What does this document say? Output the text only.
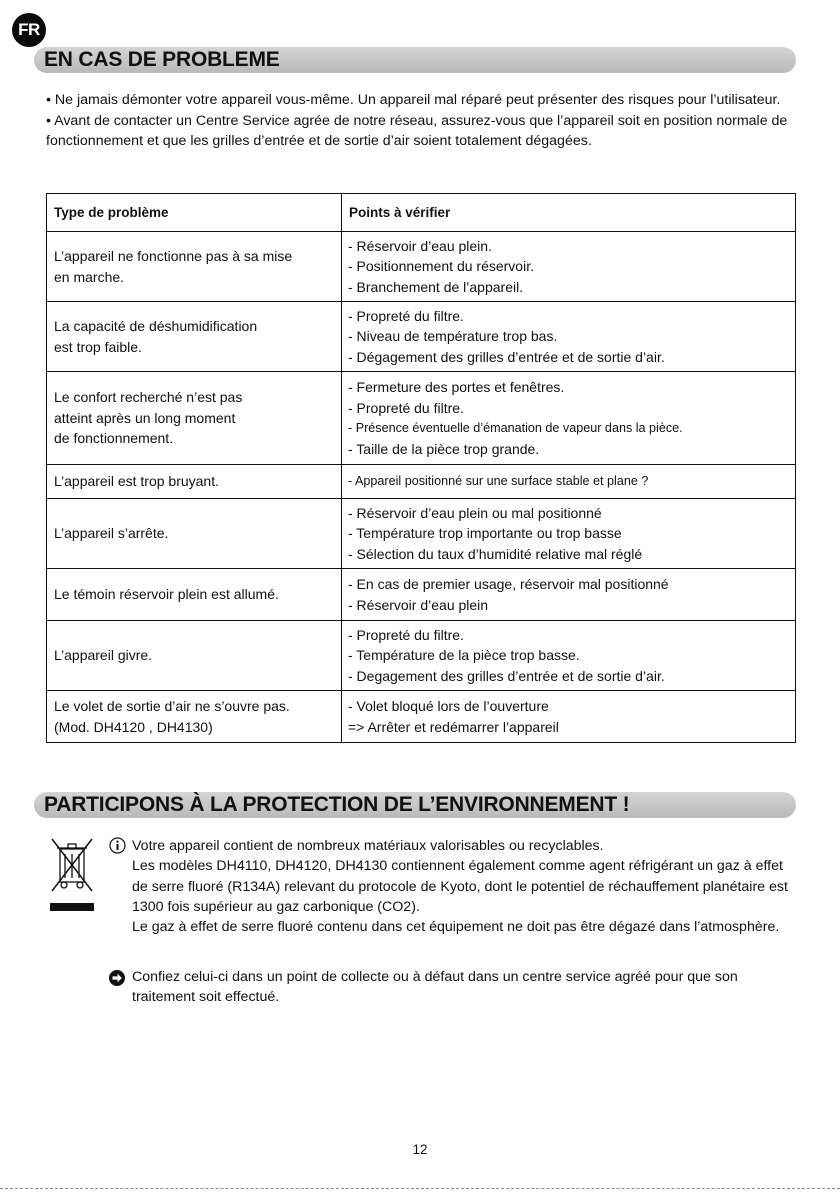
FR
EN CAS DE PROBLEME

• Ne jamais démonter votre appareil vous-même. Un appareil mal réparé peut présenter des risques pour l’utilisateur.

• Avant de contacter un Centre Service agrée de notre réseau, assurez-vous que l’appareil soit en position normale de fonctionnement et que les grilles d’entrée et de sortie d’air soient totalement dégagées.

Type de problème	Points à vérifier

L’appareil ne fonctionne pas à sa mise
en marche.	- Réservoir d’eau plein.
- Positionnement du réservoir.
- Branchement de l’appareil.

La capacité de déshumidification
est trop faible.	- Propreté du filtre.
- Niveau de température trop bas.
- Dégagement des grilles d’entrée et de sortie d’air.

Le confort recherché n’est pas
atteint après un long moment
de fonctionnement.	- Fermeture des portes et fenêtres.
- Propreté du filtre.
- Présence éventuelle d’émanation de vapeur dans la pièce.
- Taille de la pièce trop grande.

L’appareil est trop bruyant.	- Appareil positionné sur une surface stable et plane ?

L’appareil s’arrête.	- Réservoir d’eau plein ou mal positionné
- Température trop importante ou trop basse
- Sélection du taux d’humidité relative mal réglé

Le témoin réservoir plein est allumé.	- En cas de premier usage, réservoir mal positionné
- Réservoir d’eau plein

L’appareil givre.	- Propreté du filtre.
- Température de la pièce trop basse.
- Degagement des grilles d’entrée et de sortie d’air.

Le volet de sortie d’air ne s’ouvre pas.
(Mod. DH4120 , DH4130)	- Volet bloqué lors de l’ouverture
=> Arrêter et redémarrer l’appareil
PARTICIPONS À LA PROTECTION DE L’ENVIRONNEMENT !

Votre appareil contient de nombreux matériaux valorisables ou recyclables.

Les modèles DH4110, DH4120, DH4130 contiennent également comme agent réfrigérant un gaz à effet de serre fluoré (R134A) relevant du protocole de Kyoto, dont le potentiel de réchauffement planétaire est 1300 fois supérieur au gaz carbonique (CO2).

Le gaz à effet de serre fluoré contenu dans cet équipement ne doit pas être dégazé dans l’atmosphère.

Confiez celui-ci dans un point de collecte ou à défaut dans un centre service agréé pour que son traitement soit effectué.
12
